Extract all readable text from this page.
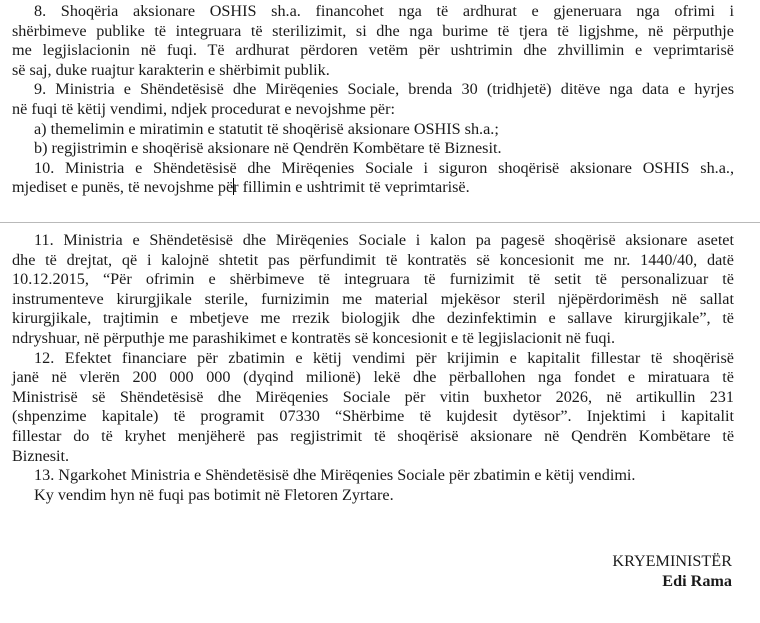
8. Shoqëria aksionare OSHIS sh.a. financohet nga të ardhurat e gjeneruara nga ofrimi i
shërbimeve publike të integruara të sterilizimit, si dhe nga burime të tjera të ligjshme, në përputhje
me legjislacionin në fuqi. Të ardhurat përdoren vetëm për ushtrimin dhe zhvillimin e veprimtarisë
së saj, duke ruajtur karakterin e shërbimit publik.
9. Ministria e Shëndetësisë dhe Mirëqenies Sociale, brenda 30 (tridhjetë) ditëve nga data e hyrjes
në fuqi të këtij vendimi, ndjek procedurat e nevojshme për:
a) themelimin e miratimin e statutit të shoqërisë aksionare OSHIS sh.a.;
b) regjistrimin e shoqërisë aksionare në Qendrën Kombëtare të Biznesit.
10. Ministria e Shëndetësisë dhe Mirëqenies Sociale i siguron shoqërisë aksionare OSHIS sh.a.,
mjediset e punës, të nevojshme për fillimin e ushtrimit të veprimtarisë.
11. Ministria e Shëndetësisë dhe Mirëqenies Sociale i kalon pa pagesë shoqërisë aksionare asetet
dhe të drejtat, që i kalojnë shtetit pas përfundimit të kontratës së koncesionit me nr. 1440/40, datë
10.12.2015, “Për ofrimin e shërbimeve të integruara të furnizimit të setit të personalizuar të
instrumenteve kirurgjikale sterile, furnizimin me material mjekësor steril njëpërdorimësh në sallat
kirurgjikale, trajtimin e mbetjeve me rrezik biologjik dhe dezinfektimin e sallave kirurgjikale”, të
ndryshuar, në përputhje me parashikimet e kontratës së koncesionit e të legjislacionit në fuqi.
12. Efektet financiare për zbatimin e këtij vendimi për krijimin e kapitalit fillestar të shoqërisë
janë në vlerën 200 000 000 (dyqind milionë) lekë dhe përballohen nga fondet e miratuara të
Ministrisë së Shëndetësisë dhe Mirëqenies Sociale për vitin buxhetor 2026, në artikullin 231
(shpenzime kapitale) të programit 07330 “Shërbime të kujdesit dytësor”. Injektimi i kapitalit
fillestar do të kryhet menjëherë pas regjistrimit të shoqërisë aksionare në Qendrën Kombëtare të
Biznesit.
13. Ngarkohet Ministria e Shëndetësisë dhe Mirëqenies Sociale për zbatimin e këtij vendimi.
Ky vendim hyn në fuqi pas botimit në Fletoren Zyrtare.
KRYEMINISTËR
Edi Rama
